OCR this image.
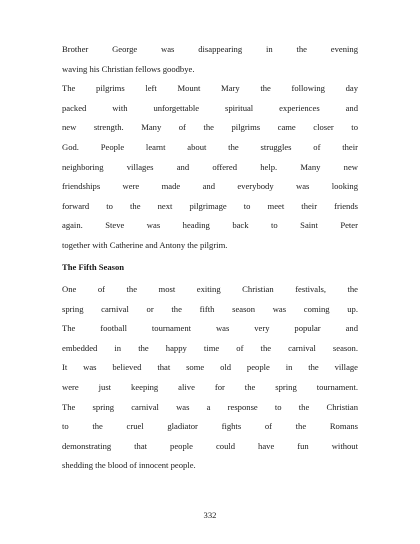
Brother George was disappearing in the evening
waving his Christian fellows goodbye.
The pilgrims left Mount Mary the following day
packed with unforgettable spiritual experiences and
new strength. Many of the pilgrims came closer to
God. People learnt about the struggles of their
neighboring villages and offered help. Many new
friendships were made and everybody was looking
forward to the next pilgrimage to meet their friends
again. Steve was heading back to Saint Peter
together with Catherine and Antony the pilgrim.
The Fifth Season
One of the most exiting Christian festivals, the
spring carnival or the fifth season was coming up.
The football tournament was very popular and
embedded in the happy time of the carnival season.
It was believed that some old people in the village
were just keeping alive for the spring tournament.
The spring carnival was a response to the Christian
to the cruel gladiator fights of the Romans
demonstrating that people could have fun without
shedding the blood of innocent people.
332
